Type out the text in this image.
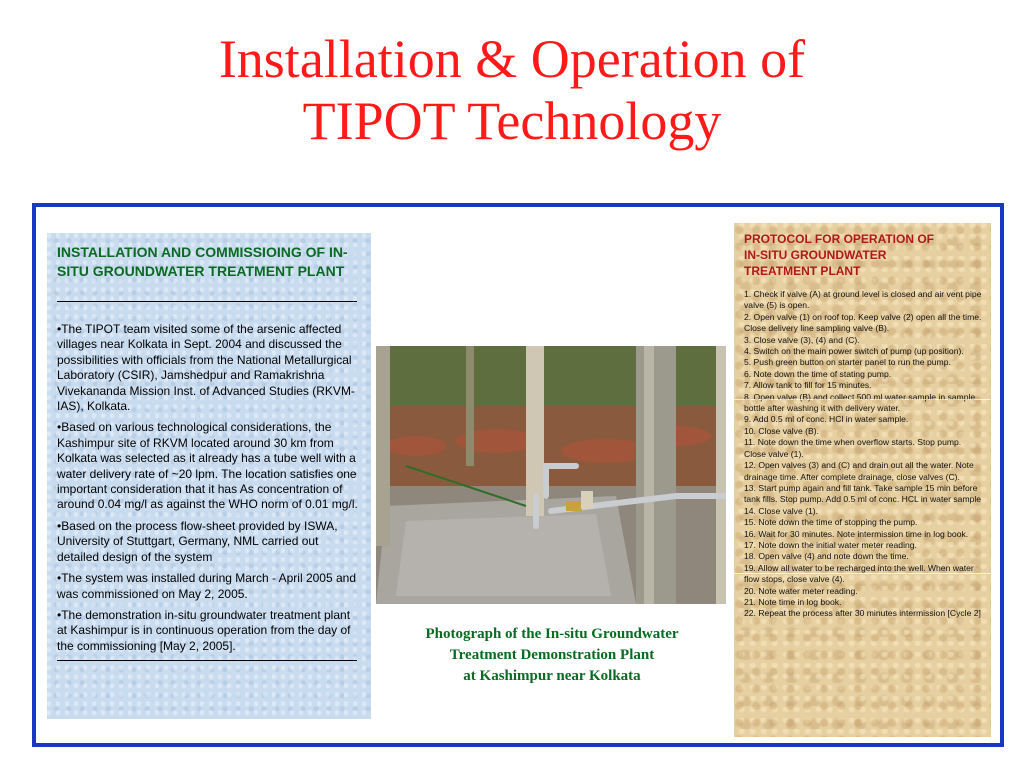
Installation & Operation of
TIPOT Technology
INSTALLATION AND COMMISSIOING OF IN-SITU GROUNDWATER TREATMENT PLANT
•The TIPOT team visited some of the arsenic affected villages near Kolkata in Sept. 2004 and discussed the possibilities with officials from the National Metallurgical Laboratory (CSIR), Jamshedpur and Ramakrishna Vivekananda Mission Inst. of Advanced Studies (RKVM-IAS), Kolkata.
•Based on various technological considerations, the Kashimpur site of RKVM located around 30 km from Kolkata was selected as it already has a tube well with a water delivery rate of ~20 lpm. The location satisfies one important consideration that it has As concentration of around 0.04 mg/l as against the WHO norm of 0.01 mg/l.
•Based on the process flow-sheet provided by ISWA, University of Stuttgart, Germany, NML carried out detailed design of the system
•The system was installed during March - April 2005 and was commissioned on May 2, 2005.
•The demonstration in-situ groundwater treatment plant at Kashimpur is in continuous operation from the day of the commissioning [May 2, 2005].
Photograph of the In-situ Groundwater
Treatment Demonstration Plant
at Kashimpur near Kolkata
PROTOCOL FOR OPERATION OF
IN-SITU GROUNDWATER
TREATMENT PLANT
1. Check if valve (A) at ground level is closed and air vent pipe valve (5) is open.
2. Open valve (1) on roof top. Keep valve (2) open all the time. Close delivery line sampling valve (B).
3. Close valve (3), (4) and (C).
4. Switch on the main power switch of pump (up position).
5. Push green button on starter panel to run the pump.
6. Note down the time of stating pump.
7. Allow tank to fill for 15 minutes.
8. Open valve (B) and collect 500 ml water sample in sample bottle after washing it with delivery water.
9. Add 0.5 ml of conc. HCl in water sample.
10. Close valve (B).
11. Note down the time when overflow starts. Stop pump. Close valve (1).
12. Open valves (3) and (C) and drain out all the water. Note drainage time. After complete drainage, close valves (C).
13. Start pump again and fill tank. Take sample 15 min before tank fills. Stop pump. Add 0.5 ml of conc. HCL in water sample
14. Close valve (1).
15. Note down the time of stopping the pump.
16. Wait for 30 minutes. Note intermission time in log book.
17. Note down the initial water meter reading.
18. Open valve (4) and note down the time.
19. Allow all water to be recharged into the well. When water flow stops, close valve (4).
20. Note water meter reading.
21. Note time in log book.
22. Repeat the process after 30 minutes intermission [Cycle 2]
